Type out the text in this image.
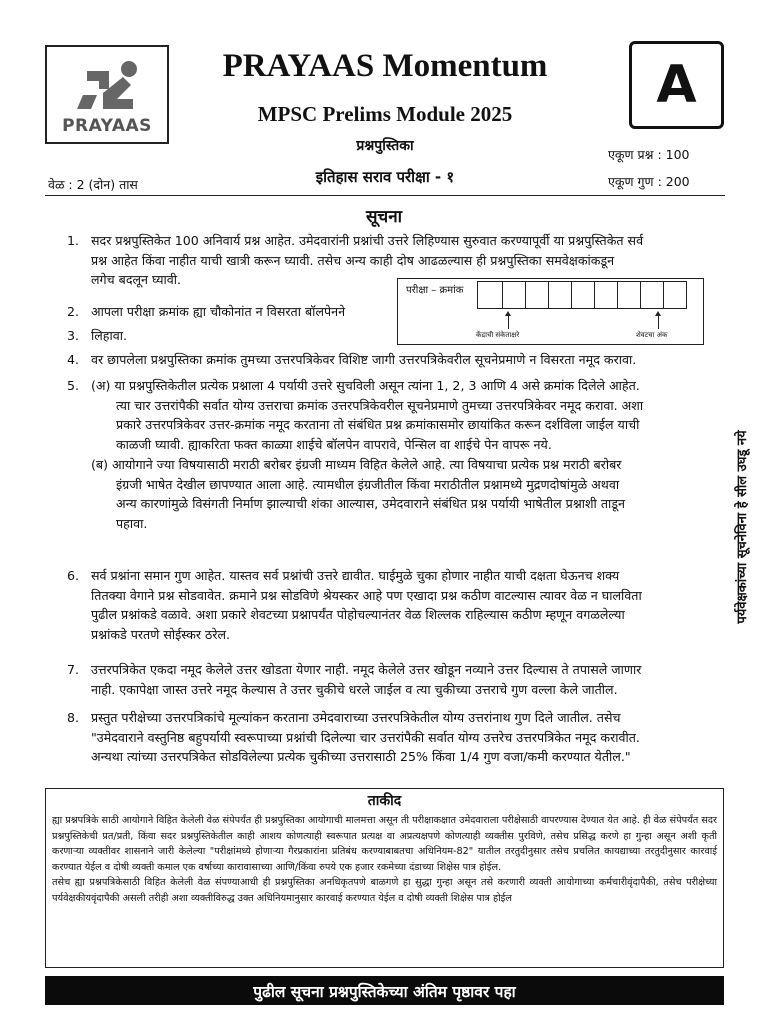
PRAYAAS
PRAYAAS Momentum
MPSC Prelims Module 2025
प्रश्नपुस्तिका
इतिहास सराव परीक्षा - १
A
वेळ : 2 (दोन) तास
एकूण प्रश्न : 100
एकूण गुण : 200
सूचना
1. सदर प्रश्नपुस्तिकेत 100 अनिवार्य प्रश्न आहेत. उमेदवारांनी प्रश्नांची उत्तरे लिहिण्यास सुरुवात करण्यापूर्वी या प्रश्नपुस्तिकेत सर्व
प्रश्न आहेत किंवा नाहीत याची खात्री करून घ्यावी. तसेच अन्य काही दोष आढळल्यास ही प्रश्नपुस्तिका समवेक्षकांकडून
लगेच बदलून घ्यावी.
2. आपला परीक्षा क्रमांक ह्या चौकोनांत न विसरता बॉलपेनने
3. लिहावा.
परीक्षा – क्रमांक
केंद्राची संकेताक्षरे	शेवटचा अंक
4. वर छापलेला प्रश्नपुस्तिका क्रमांक तुमच्या उत्तरपत्रिकेवर विशिष्ट जागी उत्तरपत्रिकेवरील सूचनेप्रमाणे न विसरता नमूद करावा.
5. (अ) या प्रश्नपुस्तिकेतील प्रत्येक प्रश्नाला 4 पर्यायी उत्तरे सुचविली असून त्यांना 1, 2, 3 आणि 4 असे क्रमांक दिलेले आहेत.
त्या चार उत्तरांपैकी सर्वात योग्य उत्तराचा क्रमांक उत्तरपत्रिकेवरील सूचनेप्रमाणे तुमच्या उत्तरपत्रिकेवर नमूद करावा. अशा
प्रकारे उत्तरपत्रिकेवर उत्तर-क्रमांक नमूद करताना तो संबंधित प्रश्न क्रमांकासमोर छायांकित करून दर्शविला जाईल याची
काळजी घ्यावी. ह्याकरिता फक्त काळ्या शाईचे बॉलपेन वापरावे, पेन्सिल वा शाईचे पेन वापरू नये.
(ब) आयोगाने ज्या विषयासाठी मराठी बरोबर इंग्रजी माध्यम विहित केलेले आहे. त्या विषयाचा प्रत्येक प्रश्न मराठी बरोबर
इंग्रजी भाषेत देखील छापण्यात आला आहे. त्यामधील इंग्रजीतील किंवा मराठीतील प्रश्नामध्ये मुद्रणदोषांमुळे अथवा
अन्य कारणांमुळे विसंगती निर्माण झाल्याची शंका आल्यास, उमेदवाराने संबंधित प्रश्न पर्यायी भाषेतील प्रश्नाशी ताडून
पहावा.
6. सर्व प्रश्नांना समान गुण आहेत. यास्तव सर्व प्रश्नांची उत्तरे द्यावीत. घाईमुळे चुका होणार नाहीत याची दक्षता घेऊनच शक्य
तितक्या वेगाने प्रश्न सोडवावेत. क्रमाने प्रश्न सोडविणे श्रेयस्कर आहे पण एखादा प्रश्न कठीण वाटल्यास त्यावर वेळ न घालविता
पुढील प्रश्नांकडे वळावे. अशा प्रकारे शेवटच्या प्रश्नापर्यंत पोहोचल्यानंतर वेळ शिल्लक राहिल्यास कठीण म्हणून वगळलेल्या
प्रश्नांकडे परतणे सोईस्कर ठरेल.
7. उत्तरपत्रिकेत एकदा नमूद केलेले उत्तर खोडता येणार नाही. नमूद केलेले उत्तर खोडून नव्याने उत्तर दिल्यास ते तपासले जाणार
नाही. एकापेक्षा जास्त उत्तरे नमूद केल्यास ते उत्तर चुकीचे धरले जाईल व त्या चुकीच्या उत्तराचे गुण वल्ला केले जातील.
8. प्रस्तुत परीक्षेच्या उत्तरपत्रिकांचे मूल्यांकन करताना उमेदवाराच्या उत्तरपत्रिकेतील योग्य उत्तरांनाथ गुण दिले जातील. तसेच
"उमेदवाराने वस्तुनिष्ठ बहुपर्यायी स्वरूपाच्या प्रश्नांची दिलेल्या चार उत्तरांपैकी सर्वात योग्य उत्तरेच उत्तरपत्रिकेत नमूद करावीत.
अन्यथा त्यांच्या उत्तरपत्रिकेत सोडविलेल्या प्रत्येक चुकीच्या उत्तरासाठी 25% किंवा 1/4 गुण वजा/कमी करण्यात येतील."
पर्यवेक्षकांच्या सूचनेविना हे सील उघडू नये
ताकीद

ह्या प्रश्नपत्रिके साठी आयोगाने विहित केलेली वेळ संपेपर्यंत ही प्रश्नपुस्तिका आयोगाची मालमत्ता असून ती परीक्षाकक्षात उमेदवाराला परीक्षेसाठी वापरण्यास देण्यात येत आहे. ही वेळ संपेपर्यंत सदर प्रश्नपुस्तिकेची प्रत/प्रती, किंवा सदर प्रश्नपुस्तिकेतील काही आशय कोणत्याही स्वरूपात प्रत्यक्ष वा अप्रत्यक्षपणे कोणत्याही व्यक्तीस पुरविणे, तसेच प्रसिद्ध करणे हा गुन्हा असून अशी कृती करणाऱ्या व्यक्तीवर शासनाने जारी केलेल्या "परीक्षांमध्ये होणाऱ्या गैरप्रकारांना प्रतिबंध करण्याबाबतचा अधिनियम-82" यातील तरतुदीनुसार तसेच प्रचलित कायद्याच्या तरतुदीनुसार कारवाई करण्यात येईल व दोषी व्यक्ती कमाल एक वर्षाच्या कारावासाच्या आणि/किंवा रुपये एक हजार रकमेच्या दंडाच्या शिक्षेस पात्र होईल.

तसेच ह्या प्रश्नपत्रिकेसाठी विहित केलेली वेळ संपण्याआधी ही प्रश्नपुस्तिका अनधिकृतपणे बाळगणे हा सुद्धा गुन्हा असून तसे करणारी व्यक्ती आयोगाच्या कर्मचारीवृंदापैकी, तसेच परीक्षेच्या पर्यवेक्षकीयवृंदापैकी असली तरीही अशा व्यक्तीविरुद्ध उक्त अधिनियमानुसार कारवाई करण्यात येईल व दोषी व्यक्ती शिक्षेस पात्र होईल

पुढील सूचना प्रश्नपुस्तिकेच्या अंतिम पृष्ठावर पहा
